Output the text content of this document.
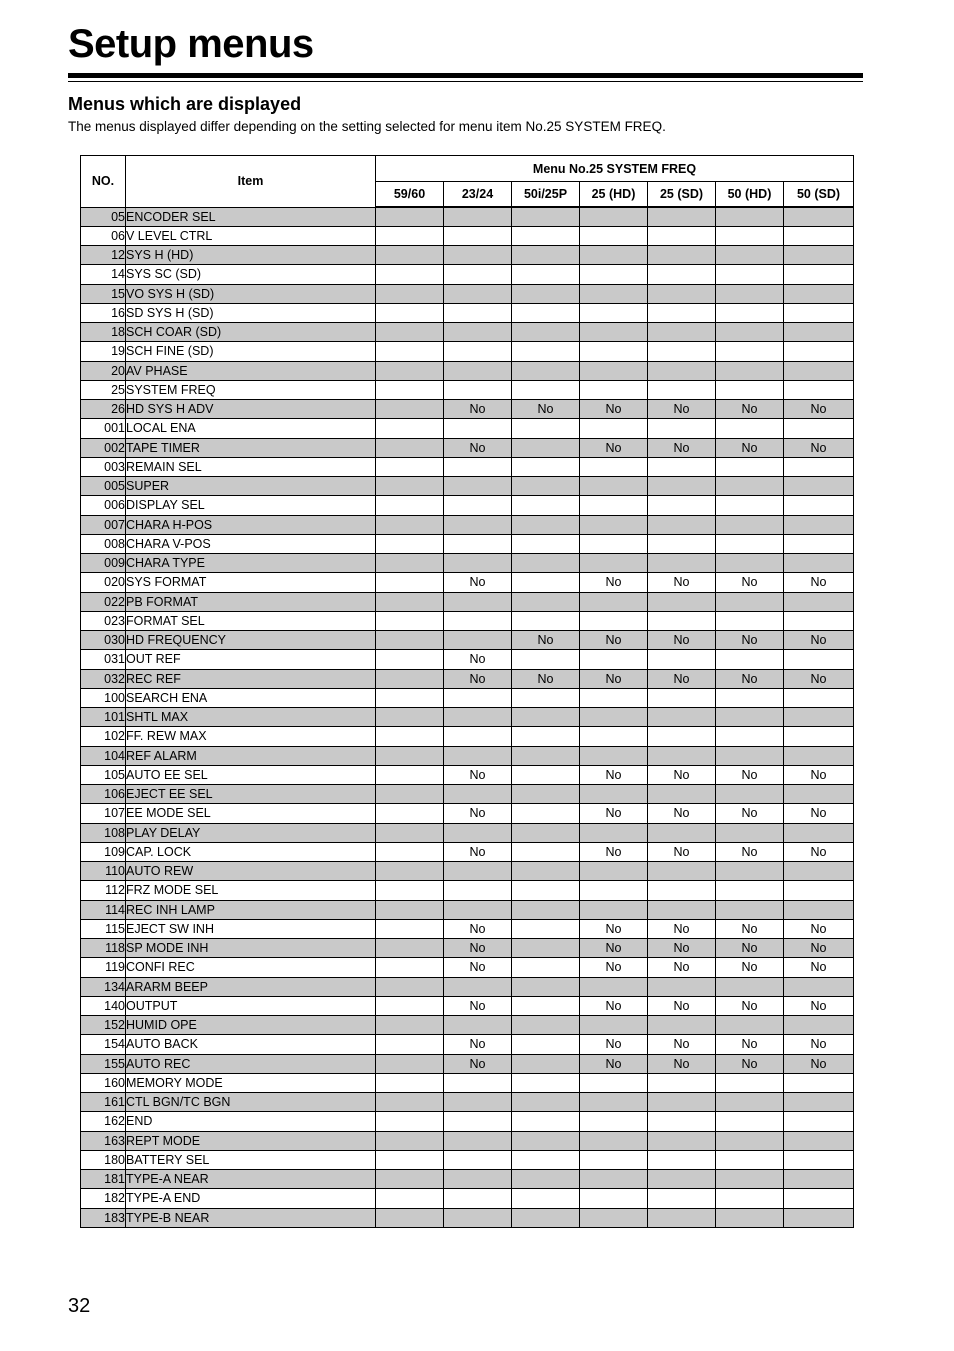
Setup menus
Menus which are displayed

The menus displayed differ depending on the setting selected for menu item No.25 SYSTEM FREQ.

NO.	Item	Menu No.25 SYSTEM FREQ						
		59/60	23/24	50i/25P	25 (HD)	25 (SD)	50 (HD)	50 (SD)
05	ENCODER SEL							
06	V LEVEL CTRL							
12	SYS H (HD)							
14	SYS SC (SD)							
15	VO SYS H (SD)							
16	SD SYS H (SD)							
18	SCH COAR (SD)							
19	SCH FINE (SD)							
20	AV PHASE							
25	SYSTEM FREQ							
26	HD SYS H ADV		No	No	No	No	No	No
001	LOCAL ENA							
002	TAPE TIMER		No		No	No	No	No
003	REMAIN SEL							
005	SUPER							
006	DISPLAY SEL							
007	CHARA H-POS							
008	CHARA V-POS							
009	CHARA TYPE							
020	SYS FORMAT		No		No	No	No	No
022	PB FORMAT							
023	FORMAT SEL							
030	HD FREQUENCY			No	No	No	No	No
031	OUT REF		No					
032	REC REF		No	No	No	No	No	No
100	SEARCH ENA							
101	SHTL MAX							
102	FF. REW MAX							
104	REF ALARM							
105	AUTO EE SEL		No		No	No	No	No
106	EJECT EE SEL							
107	EE MODE SEL		No		No	No	No	No
108	PLAY DELAY							
109	CAP. LOCK		No		No	No	No	No
110	AUTO REW							
112	FRZ MODE SEL							
114	REC INH LAMP							
115	EJECT SW INH		No		No	No	No	No
118	SP MODE INH		No		No	No	No	No
119	CONFI REC		No		No	No	No	No
134	ARARM BEEP							
140	OUTPUT		No		No	No	No	No
152	HUMID OPE							
154	AUTO BACK		No		No	No	No	No
155	AUTO REC		No		No	No	No	No
160	MEMORY MODE							
161	CTL BGN/TC BGN							
162	END							
163	REPT MODE							
180	BATTERY SEL							
181	TYPE-A NEAR							
182	TYPE-A END							
183	TYPE-B NEAR							
32
